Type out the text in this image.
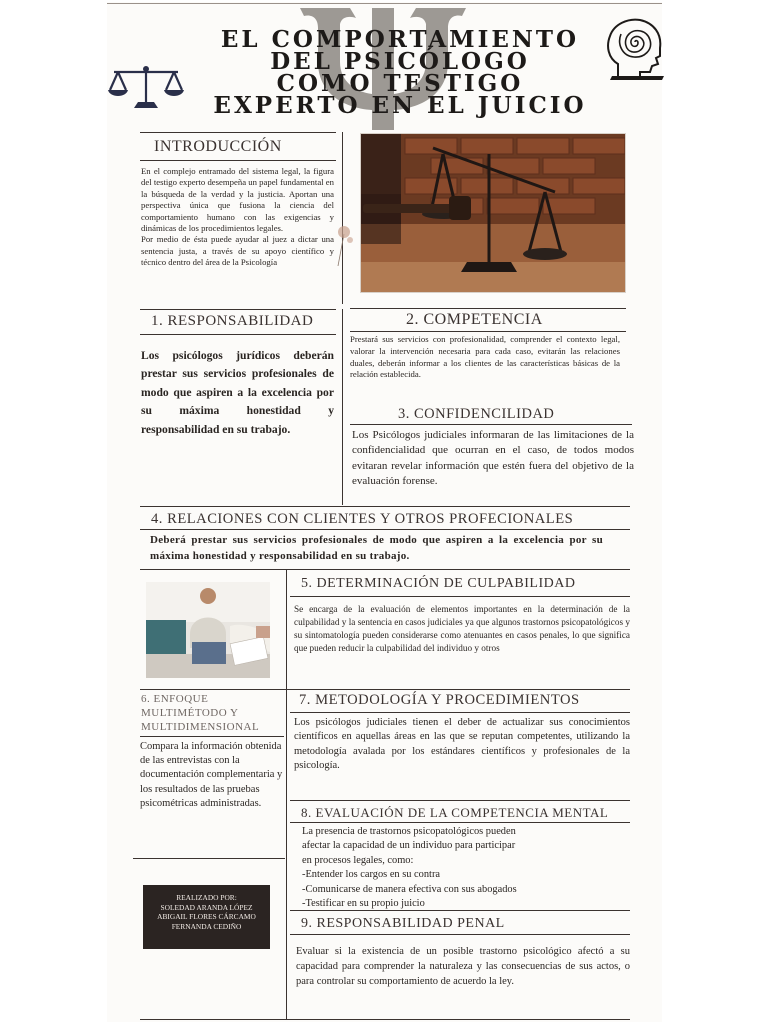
EL COMPORTAMIENTO
DEL PSICÓLOGO
COMO TESTIGO
EXPERTO EN EL JUICIO
INTRODUCCIÓN

En el complejo entramado del sistema legal, la figura del testigo experto desempeña un papel fundamental en la búsqueda de la verdad y la justicia. Aportan una perspectiva única que fusiona la ciencia del comportamiento humano con las exigencias y dinámicas de los procedimientos legales.

Por medio de ésta puede ayudar al juez a dictar una sentencia justa, a través de su apoyo científico y técnico dentro del área de la Psicología

1. RESPONSABILIDAD
Los psicólogos jurídicos deberán prestar sus servicios profesionales de modo que aspiren a la excelencia por su máxima honestidad y responsabilidad en su trabajo.
2. COMPETENCIA
Prestará sus servicios con profesionalidad, comprender el contexto legal, valorar la intervención necesaria para cada caso, evitarán las relaciones duales, deberán informar a los clientes de las características básicas de la relación establecida.
3. CONFIDENCILIDAD
Los Psicólogos judiciales informaran de las limitaciones de la confidencialidad que ocurran en el caso, de todos modos evitaran revelar información que estén fuera del objetivo de la evaluación forense.
4. RELACIONES CON CLIENTES Y OTROS PROFECIONALES
Deberá prestar sus servicios profesionales de modo que aspiren a la excelencia por su máxima honestidad y responsabilidad en su trabajo.
5. DETERMINACIÓN DE CULPABILIDAD
Se encarga de la evaluación de elementos importantes en la determinación de la culpabilidad y la sentencia en casos judiciales ya que algunos trastornos psicopatológicos y su sintomatología pueden considerarse como atenuantes en casos penales, lo que significa que pueden reducir la culpabilidad del individuo y otros
6. ENFOQUE
MULTIMÉTODO Y
MULTIDIMENSIONAL
Compara la información obtenida de las entrevistas con la documentación complementaria y los resultados de las pruebas psicométricas administradas.
7. METODOLOGÍA Y PROCEDIMIENTOS
Los psicólogos judiciales tienen el deber de actualizar sus conocimientos científicos en aquellas áreas en las que se reputan competentes, utilizando la metodología avalada por los estándares científicos y profesionales de la psicología.
8. EVALUACIÓN DE LA COMPETENCIA MENTAL
La presencia de trastornos psicopatológicos pueden
afectar la capacidad de un individuo para participar
en procesos legales, como:
-Entender los cargos en su contra
-Comunicarse de manera efectiva con sus abogados
-Testificar en su propio juicio
REALIZADO POR:
SOLEDAD ARANDA LÓPEZ
ABIGAIL FLORES CÁRCAMO
FERNANDA CEDIÑO	9. RESPONSABILIDAD PENAL
Evaluar si la existencia de un posible trastorno psicológico afectó a su capacidad para comprender la naturaleza y las consecuencias de sus actos, o para controlar su comportamiento de acuerdo la ley.
